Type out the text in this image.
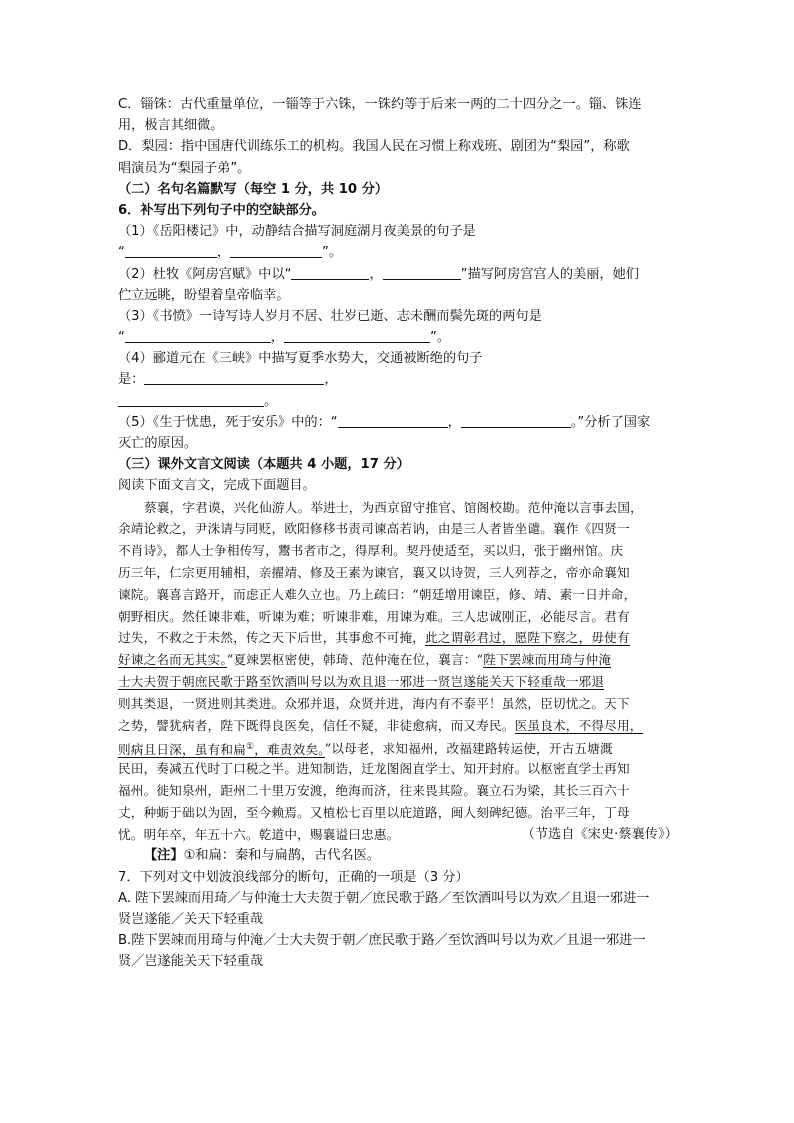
C．锱铢：古代重量单位，一锱等于六铢，一铢约等于后来一两的二十四分之一。锱、铢连
用，极言其细微。
D．梨园：指中国唐代训练乐工的机构。我国人民在习惯上称戏班、剧团为“梨园”，称歌
唱演员为“梨园子弟”。
（二）名句名篇默写（每空 1 分，共 10 分）
6．补写出下列句子中的空缺部分。
（1）《岳阳楼记》中，动静结合描写洞庭湖月夜美景的句子是
“	，	”。
（2）杜牧《阿房宫赋》中以“	，	”描写阿房宫宫人的美丽，她们
伫立远眺，盼望着皇帝临幸。
（3）《书愤》一诗写诗人岁月不居、壮岁已逝、志未酬而鬓先斑的两句是
“	，	”。
（4）郦道元在《三峡》中描写夏季水势大，交通被断绝的句子
是：	，
。
（5）《生于忧患，死于安乐》中的：“	，	。”分析了国家
灭亡的原因。
（三）课外文言文阅读（本题共 4 小题，17 分）
阅读下面文言文，完成下面题目。
蔡襄，字君谟，兴化仙游人。举进士，为西京留守推官、馆阁校勘。范仲淹以言事去国，
余靖论救之，尹洙请与同贬，欧阳修移书责司谏高若讷，由是三人者皆坐谴。襄作《四贤一
不肖诗》，都人士争相传写，鬻书者市之，得厚利。契丹使适至，买以归，张于幽州馆。庆
历三年，仁宗更用辅相，亲擢靖、修及王素为谏官，襄又以诗贺，三人列荐之，帝亦命襄知
谏院。襄喜言路开，而虑正人难久立也。乃上疏曰：“朝廷增用谏臣，修、靖、素一日并命，
朝野相庆。然任谏非难，听谏为难；听谏非难，用谏为难。三人忠诚刚正，必能尽言。君有
过失，不救之于未然，传之天下后世，其事愈不可掩，此之谓彰君过，愿陛下察之，毋使有
好谏之名而无其实。”夏竦罢枢密使，韩琦、范仲淹在位，襄言：“陛下罢竦而用琦与仲淹
士大夫贺于朝庶民歌于路至饮酒叫号以为欢且退一邪进一贤岂遂能关天下轻重哉一邪退
则其类退，一贤进则其类进。众邪并退，众贤并进，海内有不泰平！虽然，臣切忧之。天下
之势，譬犹病者，陛下既得良医矣，信任不疑，非徒愈病，而又寿民。医虽良术，不得尽用，
则病且日深，虽有和扁①，难责效矣。”以母老，求知福州，改福建路转运使，开古五塘溉
民田，奏减五代时丁口税之半。进知制诰，迁龙图阁直学士、知开封府。以枢密直学士再知
福州。徙知泉州，距州二十里万安渡，绝海而济，往来畏其险。襄立石为梁，其长三百六十
丈，种蛎于础以为固，至今赖焉。又植松七百里以庇道路，闽人刻碑纪德。治平三年，丁母
忧。明年卒，年五十六。乾道中，赐襄谥曰忠惠。	（节选自《宋史·蔡襄传》）
【注】①和扁：秦和与扁鹊，古代名医。
7．下列对文中划波浪线部分的断句，正确的一项是（3 分）
A. 陛下罢竦而用琦／与仲淹士大夫贺于朝／庶民歌于路／至饮酒叫号以为欢／且退一邪进一
贤岂遂能／关天下轻重哉
B.陛下罢竦而用琦与仲淹／士大夫贺于朝／庶民歌于路／至饮酒叫号以为欢／且退一邪进一
贤／岂遂能关天下轻重哉
